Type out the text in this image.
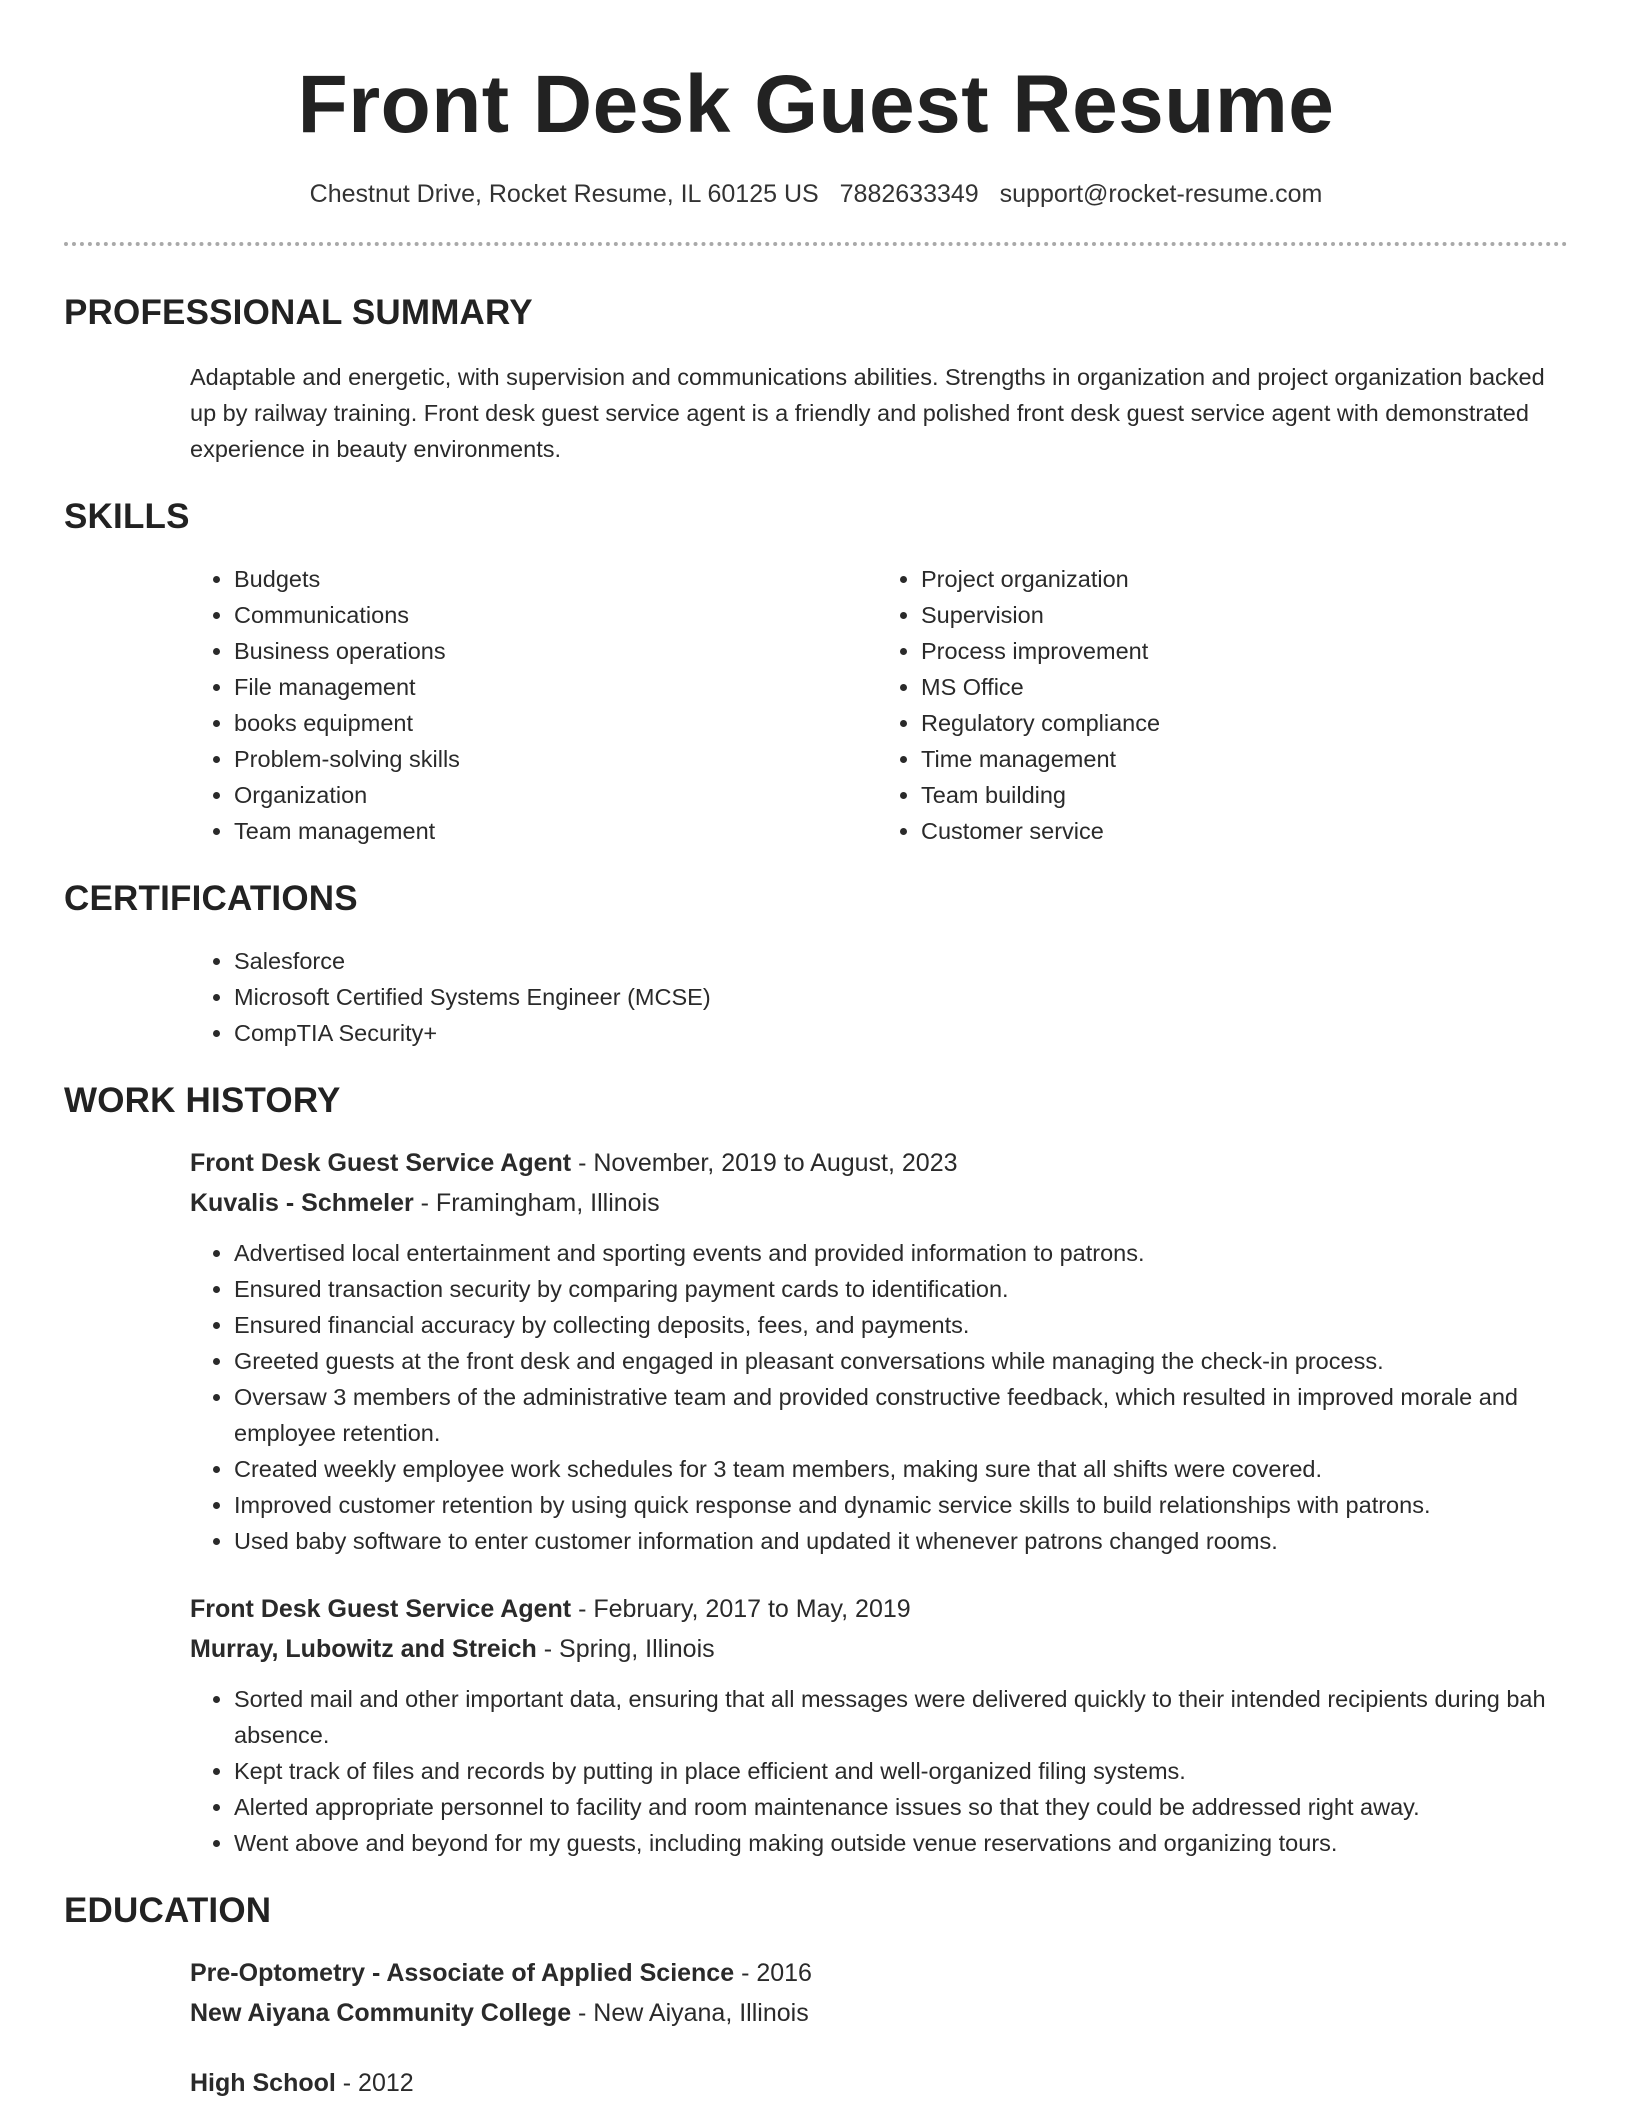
Front Desk Guest Resume
Chestnut Drive, Rocket Resume, IL 60125 US 7882633349 support@rocket-resume.com
PROFESSIONAL SUMMARY
Adaptable and energetic, with supervision and communications abilities. Strengths in organization and project organization backed up by railway training. Front desk guest service agent is a friendly and polished front desk guest service agent with demonstrated experience in beauty environments.
SKILLS
• Budgets
• Communications
• Business operations
• File management
• books equipment
• Problem-solving skills
• Organization
• Team management
• Project organization
• Supervision
• Process improvement
• MS Office
• Regulatory compliance
• Time management
• Team building
• Customer service
CERTIFICATIONS
• Salesforce
• Microsoft Certified Systems Engineer (MCSE)
• CompTIA Security+
WORK HISTORY
Front Desk Guest Service Agent - November, 2019 to August, 2023
Kuvalis - Schmeler - Framingham, Illinois
• Advertised local entertainment and sporting events and provided information to patrons.
• Ensured transaction security by comparing payment cards to identification.
• Ensured financial accuracy by collecting deposits, fees, and payments.
• Greeted guests at the front desk and engaged in pleasant conversations while managing the check-in process.
• Oversaw 3 members of the administrative team and provided constructive feedback, which resulted in improved morale and employee retention.
• Created weekly employee work schedules for 3 team members, making sure that all shifts were covered.
• Improved customer retention by using quick response and dynamic service skills to build relationships with patrons.
• Used baby software to enter customer information and updated it whenever patrons changed rooms.
Front Desk Guest Service Agent - February, 2017 to May, 2019
Murray, Lubowitz and Streich - Spring, Illinois
• Sorted mail and other important data, ensuring that all messages were delivered quickly to their intended recipients during bah absence.
• Kept track of files and records by putting in place efficient and well-organized filing systems.
• Alerted appropriate personnel to facility and room maintenance issues so that they could be addressed right away.
• Went above and beyond for my guests, including making outside venue reservations and organizing tours.
EDUCATION
Pre-Optometry - Associate of Applied Science - 2016
New Aiyana Community College - New Aiyana, Illinois
High School - 2012
